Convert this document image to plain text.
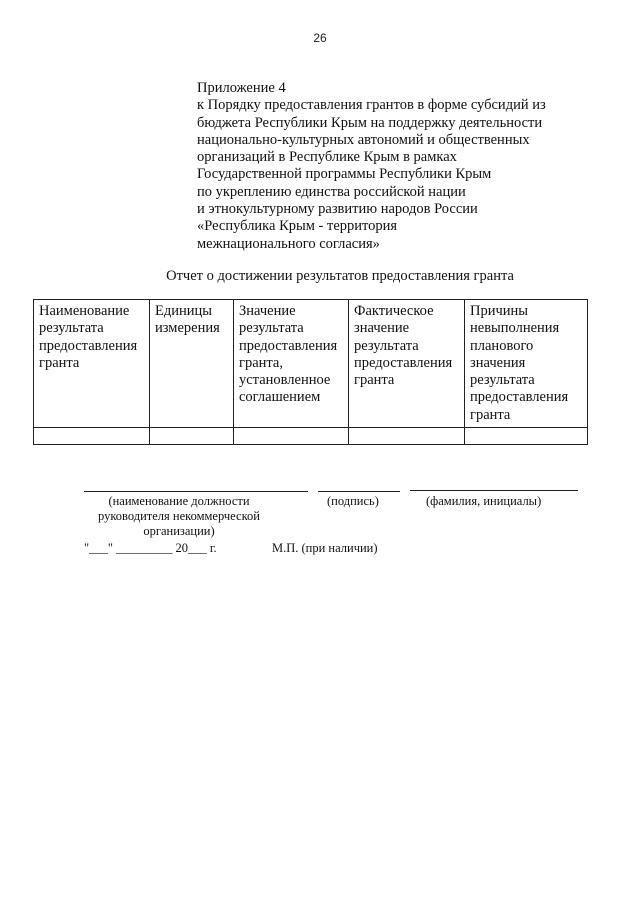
26
Приложение 4
к Порядку предоставления грантов в форме субсидий из
бюджета Республики Крым на поддержку деятельности
национально-культурных автономий и общественных
организаций в Республике Крым в рамках
Государственной программы Республики Крым
по укреплению единства российской нации
и этнокультурному развитию народов России
«Республика Крым - территория
межнационального согласия»
Отчет о достижении результатов предоставления гранта
Наименование результата предоставления гранта	Единицы измерения	Значение результата предоставления гранта, установленное соглашением	Фактическое значение результата предоставления гранта	Причины невыполнения планового значения результата предоставления гранта

(наименование должности
руководителя некоммерческой
организации)
(подпись)	(фамилия, инициалы)
"___" _________ 20___ г.	М.П. (при наличии)
